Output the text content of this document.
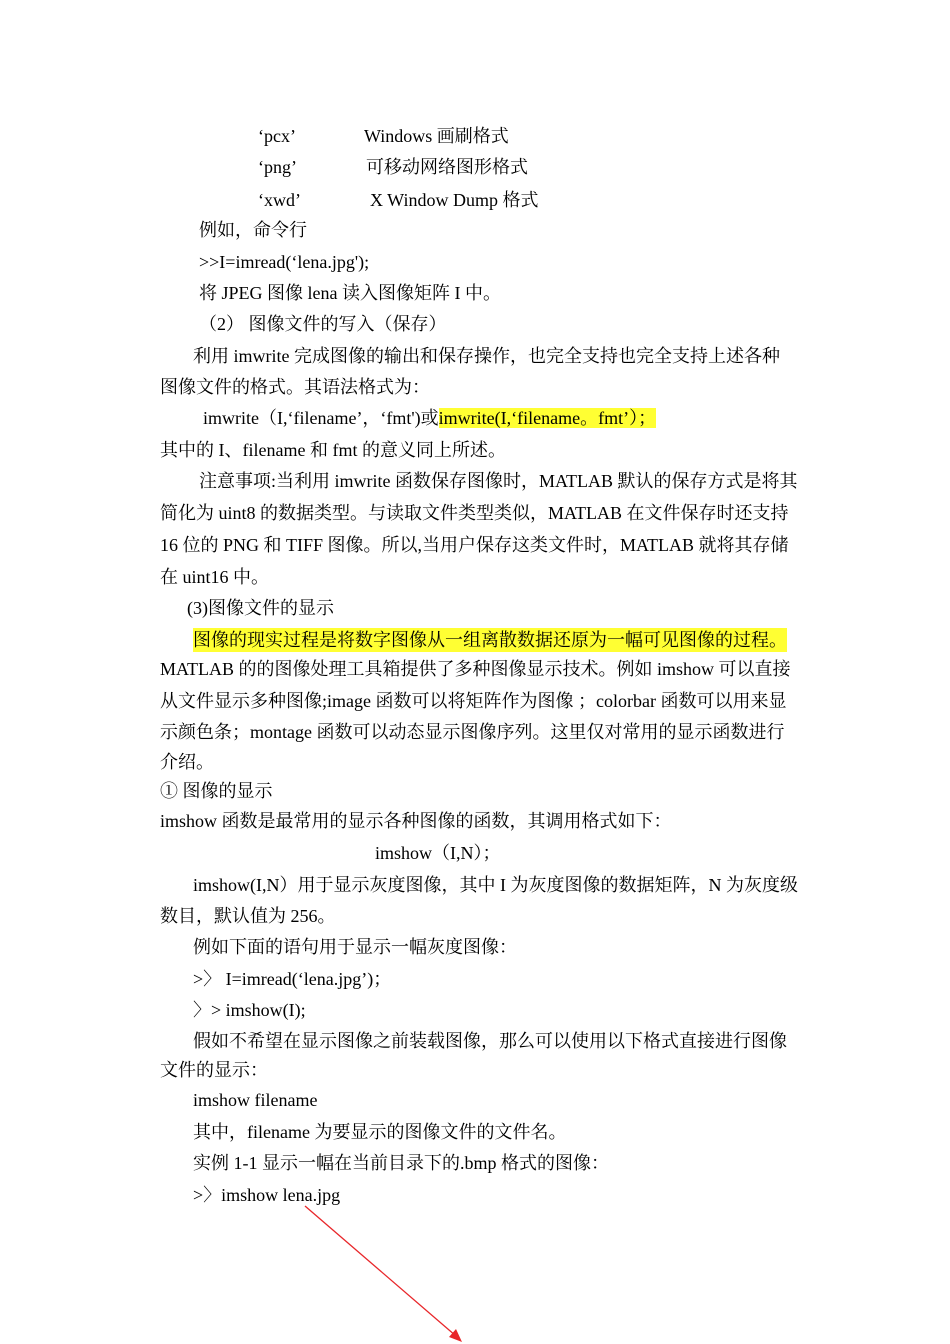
‘pcx’	Windows 画刷格式
‘png’	可移动网络图形格式
‘xwd’	X Window Dump 格式
例如，命令行
>>I=imread(‘lena.jpg');
将 JPEG 图像 lena 读入图像矩阵 I 中。
（2） 图像文件的写入（保存）
利用 imwrite 完成图像的输出和保存操作，也完全支持也完全支持上述各种
图像文件的格式。其语法格式为：
imwrite（I,‘filename’，‘fmt')或imwrite(I,‘filename。fmt’）；
其中的 I、filename 和 fmt 的意义同上所述。
注意事项:当利用 imwrite 函数保存图像时，MATLAB 默认的保存方式是将其
简化为 uint8 的数据类型。与读取文件类型类似，MATLAB 在文件保存时还支持
16 位的 PNG 和 TIFF 图像。所以,当用户保存这类文件时，MATLAB 就将其存储
在 uint16 中。
(3)图像文件的显示
图像的现实过程是将数字图像从一组离散数据还原为一幅可见图像的过程。
MATLAB 的的图像处理工具箱提供了多种图像显示技术。例如 imshow 可以直接
从文件显示多种图像;image 函数可以将矩阵作为图像 ；colorbar 函数可以用来显
示颜色条；montage 函数可以动态显示图像序列。这里仅对常用的显示函数进行
介绍。
① 图像的显示
imshow 函数是最常用的显示各种图像的函数，其调用格式如下：
imshow（I,N）；
imshow(I,N）用于显示灰度图像，其中 I 为灰度图像的数据矩阵，N 为灰度级
数目，默认值为 256。
例如下面的语句用于显示一幅灰度图像：
>〉 I=imread(‘lena.jpg’)；
〉> imshow(I);
假如不希望在显示图像之前装载图像，那么可以使用以下格式直接进行图像
文件的显示：
imshow filename
其中，filename 为要显示的图像文件的文件名。
实例 1-1 显示一幅在当前目录下的.bmp 格式的图像：
>〉imshow lena.jpg
